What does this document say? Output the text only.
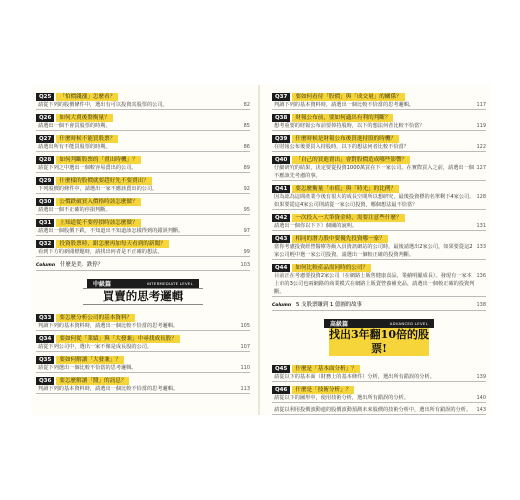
Q25	「怕價錢漲」怎麼看？
請從下列的股價條件中，選出有可以投資其股票的公司。	82
Q26	如何大賣後盤衡量？
請選出一個不會買股票的時期。	85
Q27	什麼時候不能買股票？
請選出所有不能買股票的時期。	86
Q28	如何判斷股票的「賣出時機」？
請從下列之中選出一個較容易賣出的公司。	89
Q29	什麼樣的股價就要趕好先不要賣出？
下列股價的條件中，請選出一家不應該賣出的公司。	92
Q30	公價跌破買入價格時該怎麼做？
請選出一個不正確的停損判斷。	95
Q31	上知道從不要停損時該怎麼做？
請選出一個股價下跌，不知道出不知道該怎樣得到的錯誤判斷。	97
Q32	投資股票時，跟怎麼再加每天看到的新聞？
看到下方的新聞標題時，請找出何者是不正確的想法。	99
Column 什麼是美．跌停？	103
中級篇	INTERMEDIATE LEVEL
買賣的思考邏輯
Q33	要怎麼分析公司的基本資料？
判讀下列的基本資料時，請選出一個比較不恰當的思考邏輯。	105
Q34	要如何從「業績」與「大發兼」中尋找成長股？
請從下列公司中，選出一家不像是成長股的公司。	107
Q35	要如何解讀「大發兼」？
請從下列選出一個比較不恰當的思考邏輯。	110
Q36	要怎麼解讀「醬」的訊息？
判讀下列的基本資料時，請選出一個比較不恰當的思考邏輯。	113
Q37	要如何看待「股價」與「成交量」的關係？
判讀下列的基本資料時，請選出一個比較不恰當的思考邏輯。	117
Q38	財報公布前，要如何適出有利的判斷？
想考重要的財報公布前要掉持股時，以下的想法何者比較不恰當？	119
Q39	什麼時候是財報公布後買進持股的時機？
在財報公布後要買入持股時，以下的想法何者比較不恰當？	122
Q40	「自己的買進賣出」會對股價造成哪些影響？
仔細研究的結果，決定要從投資1000萬買在下一家公司。在實際買入之前，請選出一個不應該先考慮的事。
127
Q41	要怎麼衡量「市值」與「時光」的比例？
因為認為這間產業今後有很大的成長空間所以想研究，最後投資標的名單剩下4家公司。如果要從這4家公司則請從一家公司投資，哪個想法最不恰當？
128
Q42	一次投入一大筆資金時，需要注意些什麼？
請選出一個你以下下）個關的說明。	131
Q43	相同的潛力股中要優先投資哪一家？
當你考慮投資經營醫療等級入員資訊網站的公司時，最後請選出2家公司，如果要從這2家公司輕中選一家公司投資，請選出一個較正確的投資判斷。
133
Q44	如何比較產品需同時的公司？
目前正在考慮要投資2家公司（在網路上販售健康食品，業績明顯成長）。發現有一家本上市的3公司也兩網路的商業模式在網路上販賣營養補充品，請選出一個較正確的投資判斷。
136
Column 5 支股票賺到 1 億圓的故事	138
高級篇	ADVANCED LEVEL
找出3年翻10倍的股票!
Q45	什麼是「基本面分析」？
請從以下的基本面（財務上的基本條件）分析，選出所有錯誤的分析。	139
Q46	什麼是「技術分析」？
請從以下的圖形中，使用技術分析，選出所有錯誤的分析。	140
請從以利用投價波動連的股價波動預測未來股價的技術分析中，選出所有錯誤的分析。 143
